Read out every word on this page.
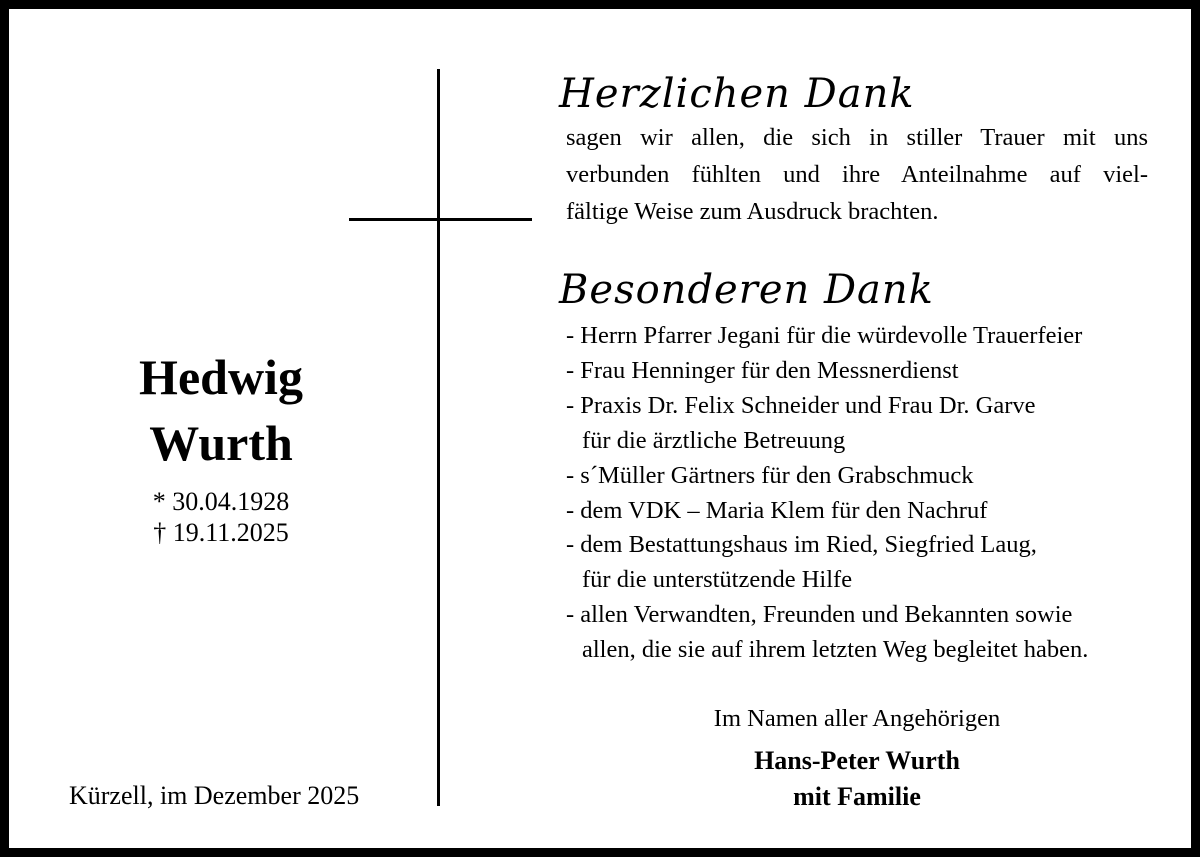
Hedwig
Wurth
* 30.04.1928
† 19.11.2025
Kürzell, im Dezember 2025
Herzlichen Dank
sagen wir allen, die sich in stiller Trauer mit uns
verbunden fühlten und ihre Anteilnahme auf viel-
fältige Weise zum Ausdruck brachten.
Besonderen Dank
- Herrn Pfarrer Jegani für die würdevolle Trauerfeier
- Frau Henninger für den Messnerdienst
- Praxis Dr. Felix Schneider und Frau Dr. Garve
für die ärztliche Betreuung
- s´Müller Gärtners für den Grabschmuck
- dem VDK – Maria Klem für den Nachruf
- dem Bestattungshaus im Ried, Siegfried Laug,
für die unterstützende Hilfe
- allen Verwandten, Freunden und Bekannten sowie
allen, die sie auf ihrem letzten Weg begleitet haben.
Im Namen aller Angehörigen
Hans-Peter Wurth
mit Familie
